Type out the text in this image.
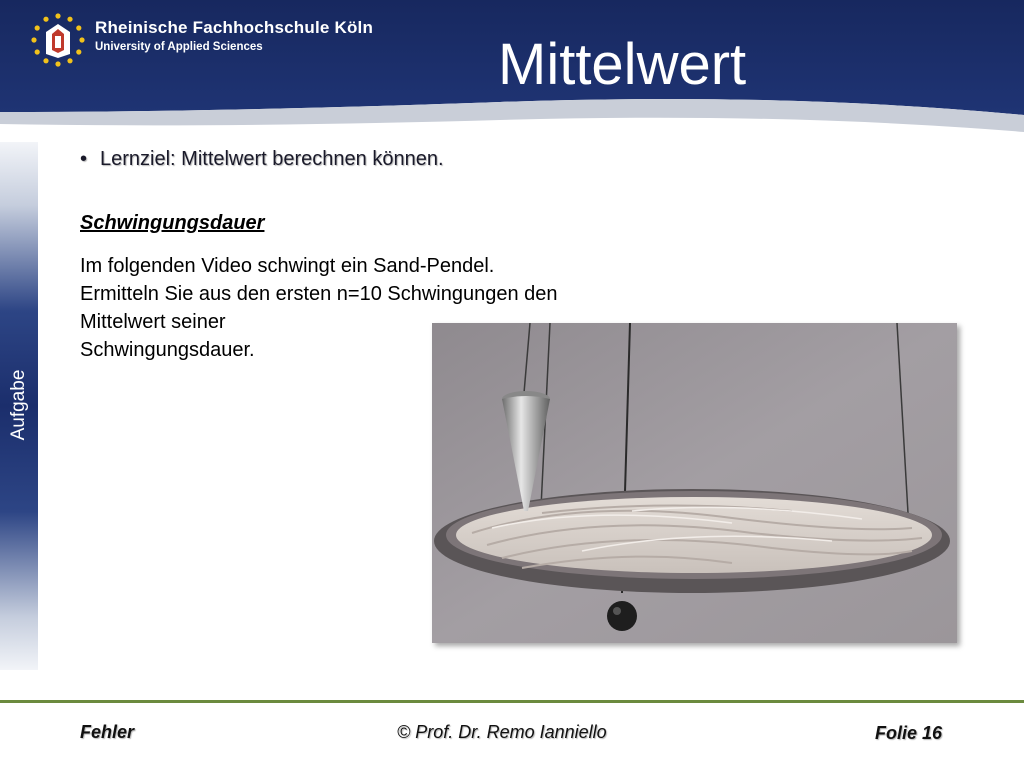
Rheinische Fachhochschule Köln
University of Applied Sciences	Mittelwert
Aufgabe
• Lernziel: Mittelwert berechnen können.
Schwingungsdauer
Im folgenden Video schwingt ein Sand-Pendel.
Ermitteln Sie aus den ersten n=10 Schwingungen den
Mittelwert seiner
Schwingungsdauer.
Fehler	© Prof. Dr. Remo Ianniello	Folie 16
